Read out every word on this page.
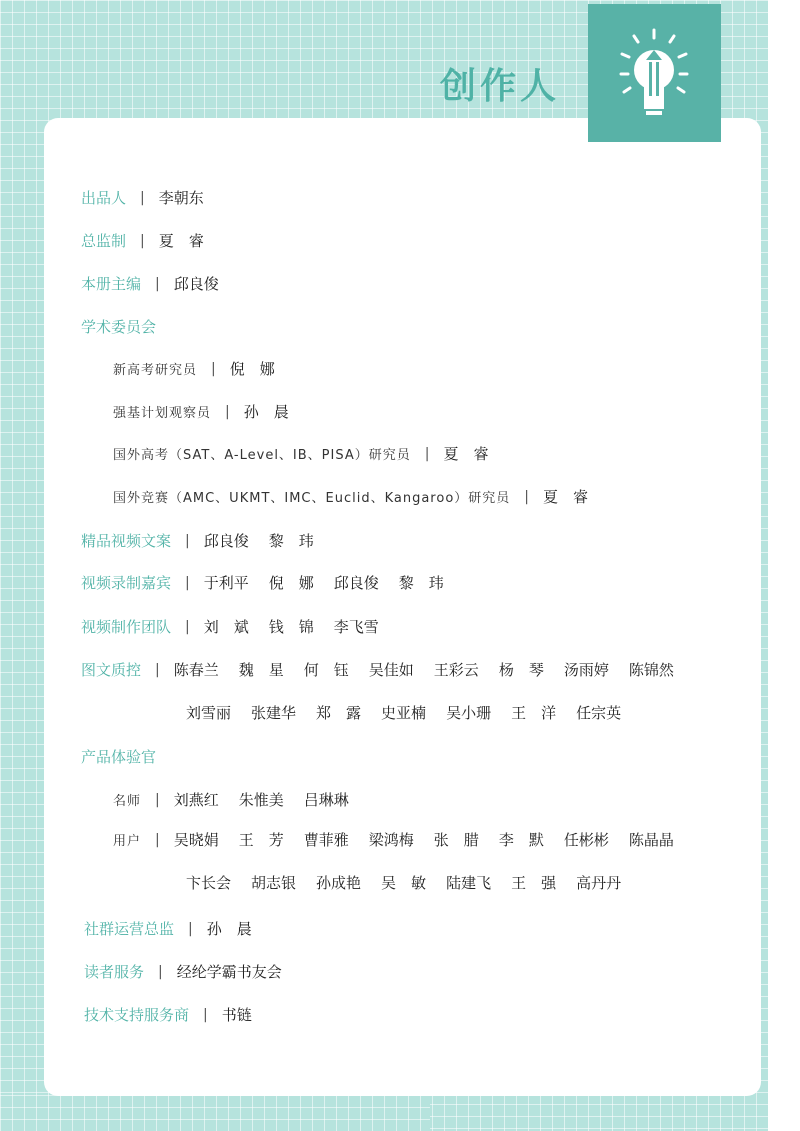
创作人
出品人 | 李朝东
总监制 | 夏　睿
本册主编 | 邱良俊
学术委员会
新高考研究员 | 倪　娜
强基计划观察员 | 孙　晨
国外高考（SAT、A-Level、IB、PISA）研究员 | 夏　睿
国外竞赛（AMC、UKMT、IMC、Euclid、Kangaroo）研究员 | 夏　睿
精品视频文案 | 邱良俊 黎　玮
视频录制嘉宾 | 于利平 倪　娜 邱良俊 黎　玮
视频制作团队 | 刘　斌 钱　锦 李飞雪
图文质控 | 陈春兰 魏　星 何　钰 吴佳如 王彩云 杨　琴 汤雨婷 陈锦然
刘雪丽 张建华 郑　露 史亚楠 吴小珊 王　洋 任宗英
产品体验官
名师 | 刘燕红 朱惟美 吕琳琳
用户 | 吴晓娟 王　芳 曹菲雅 梁鸿梅 张　腊 李　默 任彬彬 陈晶晶
卞长会 胡志银 孙成艳 吴　敏 陆建飞 王　强 高丹丹
社群运营总监 | 孙　晨
读者服务 | 经纶学霸书友会
技术支持服务商 | 书链
